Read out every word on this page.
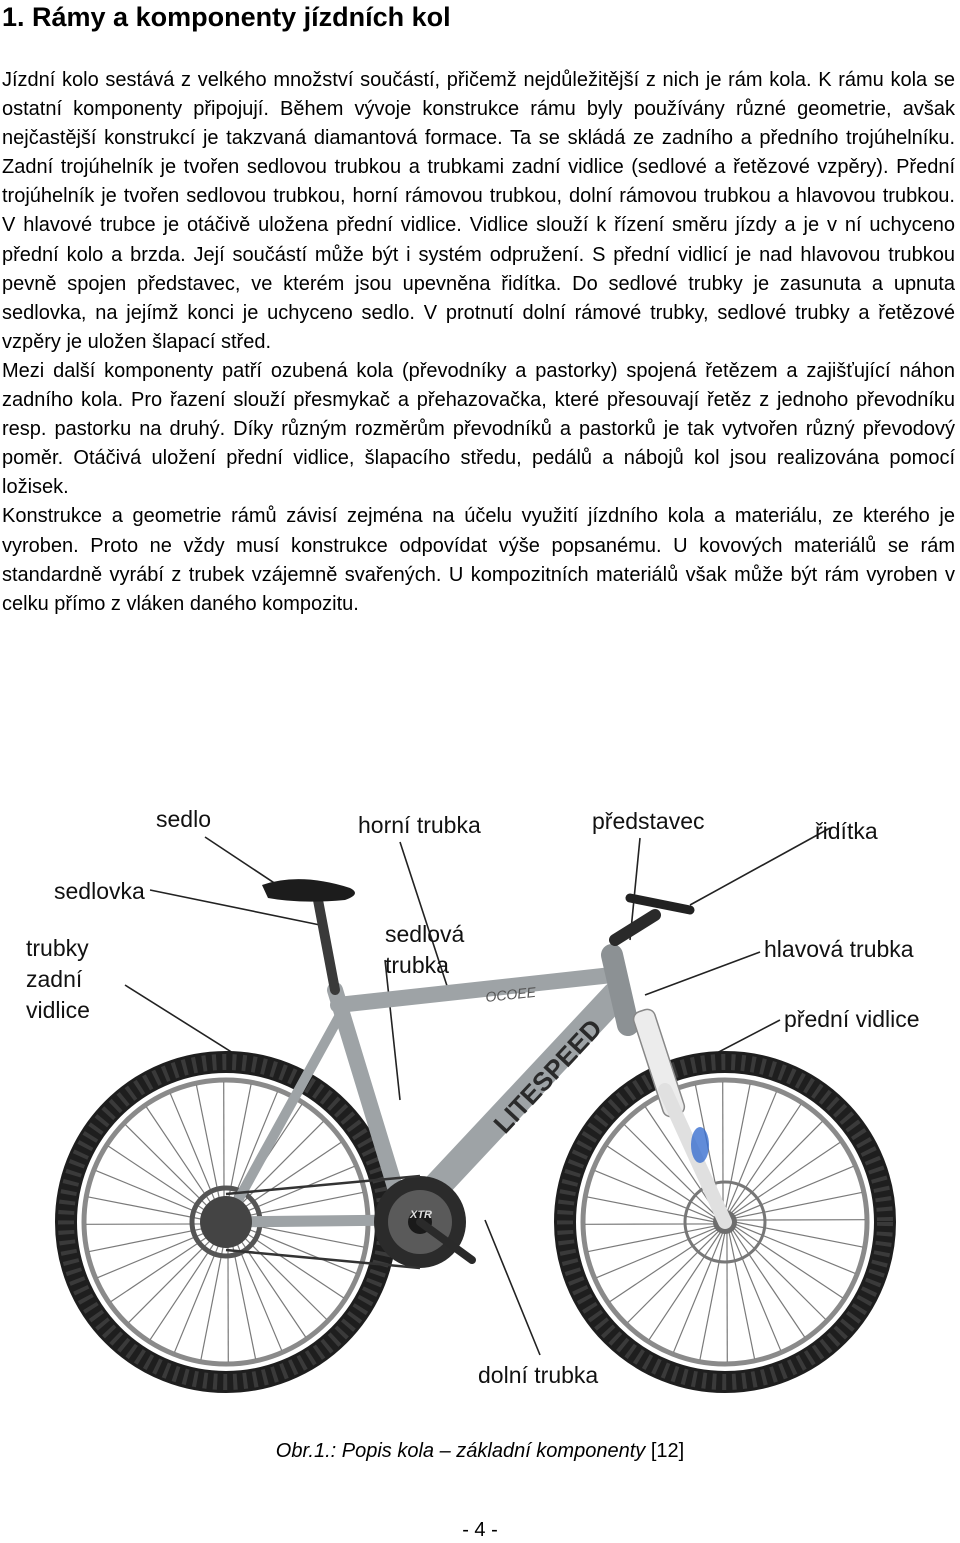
1. Rámy a komponenty jízdních kol

Jízdní kolo sestává z velkého množství součástí, přičemž nejdůležitější z nich je rám kola. K rámu kola se ostatní komponenty připojují. Během vývoje konstrukce rámu byly používány různé geometrie, avšak nejčastější konstrukcí je takzvaná diamantová formace. Ta se skládá ze zadního a předního trojúhelníku. Zadní trojúhelník je tvořen sedlovou trubkou a trubkami zadní vidlice (sedlové a řetězové vzpěry). Přední trojúhelník je tvořen sedlovou trubkou, horní rámovou trubkou, dolní rámovou trubkou a hlavovou trubkou. V hlavové trubce je otáčivě uložena přední vidlice. Vidlice slouží k řízení směru jízdy a je v ní uchyceno přední kolo a brzda. Její součástí může být i systém odpružení. S přední vidlicí je nad hlavovou trubkou pevně spojen představec, ve kterém jsou upevněna řidítka. Do sedlové trubky je zasunuta a upnuta sedlovka, na jejímž konci je uchyceno sedlo. V protnutí dolní rámové trubky, sedlové trubky a řetězové vzpěry je uložen šlapací střed.

Mezi další komponenty patří ozubená kola (převodníky a pastorky) spojená řetězem a zajišťující náhon zadního kola. Pro řazení slouží přesmykač a přehazovačka, které přesouvají řetěz z jednoho převodníku resp. pastorku na druhý. Díky různým rozměrům převodníků a pastorků je tak vytvořen různý převodový poměr. Otáčivá uložení přední vidlice, šlapacího středu, pedálů a nábojů kol jsou realizována pomocí ložisek.

Konstrukce a geometrie rámů závisí zejména na účelu využití jízdního kola a materiálu, ze kterého je vyroben. Proto ne vždy musí konstrukce odpovídat výše popsanému. U kovových materiálů se rám standardně vyrábí z trubek vzájemně svařených. U kompozitních materiálů však může být rám vyroben v celku přímo z vláken daného kompozitu.

LITESPEED
OCOEE
XTR
sedlo	horní trubka	představec	řidítka
sedlovka
trubky
zadní
vidlice
sedlová
trubka
hlavová trubka
přední vidlice
dolní trubka
Obr.1.: Popis kola – základní komponenty [12]
- 4 -
